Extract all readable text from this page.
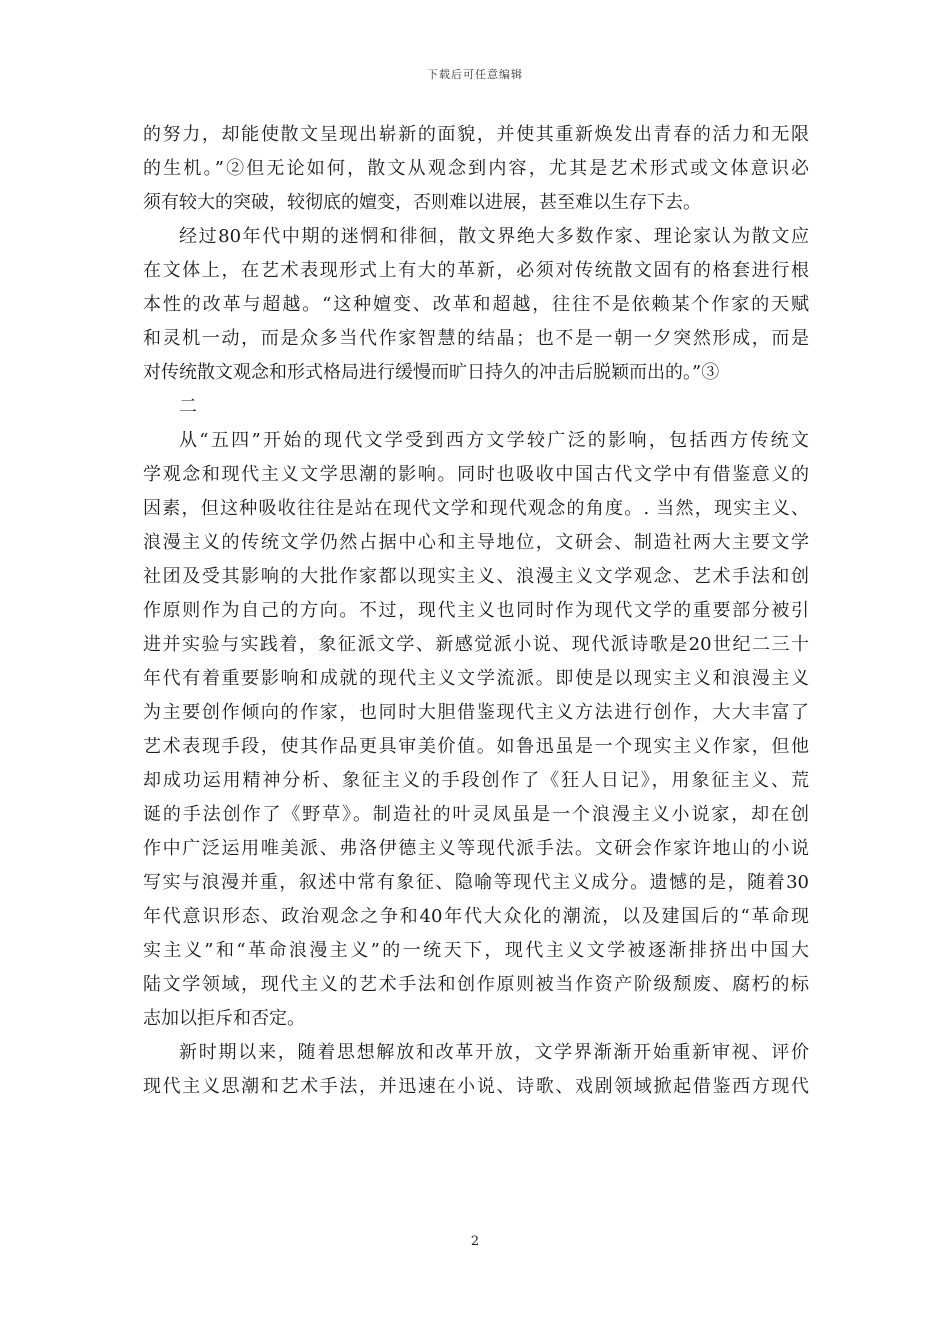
下载后可任意编辑
的努力，却能使散文呈现出崭新的面貌，并使其重新焕发出青春的活力和无限
的生机。”②但无论如何，散文从观念到内容，尤其是艺术形式或文体意识必
须有较大的突破，较彻底的嬗变，否则难以进展，甚至难以生存下去。
经过80年代中期的迷惘和徘徊，散文界绝大多数作家、理论家认为散文应
在文体上，在艺术表现形式上有大的革新，必须对传统散文固有的格套进行根
本性的改革与超越。“这种嬗变、改革和超越，往往不是依赖某个作家的天赋
和灵机一动，而是众多当代作家智慧的结晶；也不是一朝一夕突然形成，而是
对传统散文观念和形式格局进行缓慢而旷日持久的冲击后脱颖而出的。”③
二
从“五四”开始的现代文学受到西方文学较广泛的影响，包括西方传统文
学观念和现代主义文学思潮的影响。同时也吸收中国古代文学中有借鉴意义的
因素，但这种吸收往往是站在现代文学和现代观念的角度。. 当然，现实主义、
浪漫主义的传统文学仍然占据中心和主导地位，文研会、制造社两大主要文学
社团及受其影响的大批作家都以现实主义、浪漫主义文学观念、艺术手法和创
作原则作为自己的方向。不过，现代主义也同时作为现代文学的重要部分被引
进并实验与实践着，象征派文学、新感觉派小说、现代派诗歌是20世纪二三十
年代有着重要影响和成就的现代主义文学流派。即使是以现实主义和浪漫主义
为主要创作倾向的作家，也同时大胆借鉴现代主义方法进行创作，大大丰富了
艺术表现手段，使其作品更具审美价值。如鲁迅虽是一个现实主义作家，但他
却成功运用精神分析、象征主义的手段创作了《狂人日记》，用象征主义、荒
诞的手法创作了《野草》。制造社的叶灵凤虽是一个浪漫主义小说家，却在创
作中广泛运用唯美派、弗洛伊德主义等现代派手法。文研会作家许地山的小说
写实与浪漫并重，叙述中常有象征、隐喻等现代主义成分。遗憾的是，随着30
年代意识形态、政治观念之争和40年代大众化的潮流，以及建国后的“革命现
实主义”和“革命浪漫主义”的一统天下，现代主义文学被逐渐排挤出中国大
陆文学领域，现代主义的艺术手法和创作原则被当作资产阶级颓废、腐朽的标
志加以拒斥和否定。
新时期以来，随着思想解放和改革开放，文学界渐渐开始重新审视、评价
现代主义思潮和艺术手法，并迅速在小说、诗歌、戏剧领域掀起借鉴西方现代
2
